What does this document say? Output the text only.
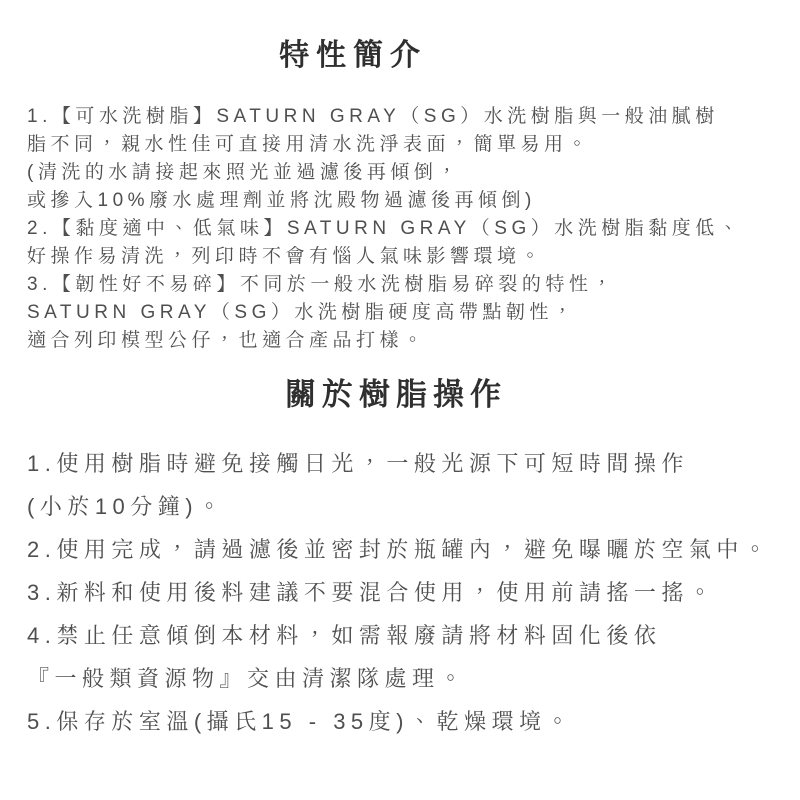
特性簡介
1.【可水洗樹脂】SATURN GRAY（SG）水洗樹脂與一般油膩樹
脂不同，親水性佳可直接用清水洗淨表面，簡單易用。
(清洗的水請接起來照光並過濾後再傾倒，
或摻入10%廢水處理劑並將沈殿物過濾後再傾倒)
2.【黏度適中、低氣味】SATURN GRAY（SG）水洗樹脂黏度低、
好操作易清洗，列印時不會有惱人氣味影響環境。
3.【韌性好不易碎】不同於一般水洗樹脂易碎裂的特性，
SATURN GRAY（SG）水洗樹脂硬度高帶點韌性，
適合列印模型公仔，也適合產品打樣。
關於樹脂操作
1.使用樹脂時避免接觸日光，一般光源下可短時間操作
(小於10分鐘)。
2.使用完成，請過濾後並密封於瓶罐內，避免曝曬於空氣中。
3.新料和使用後料建議不要混合使用，使用前請搖一搖。
4.禁止任意傾倒本材料，如需報廢請將材料固化後依
『一般類資源物』交由清潔隊處理。
5.保存於室溫(攝氏15 - 35度)、乾燥環境。
